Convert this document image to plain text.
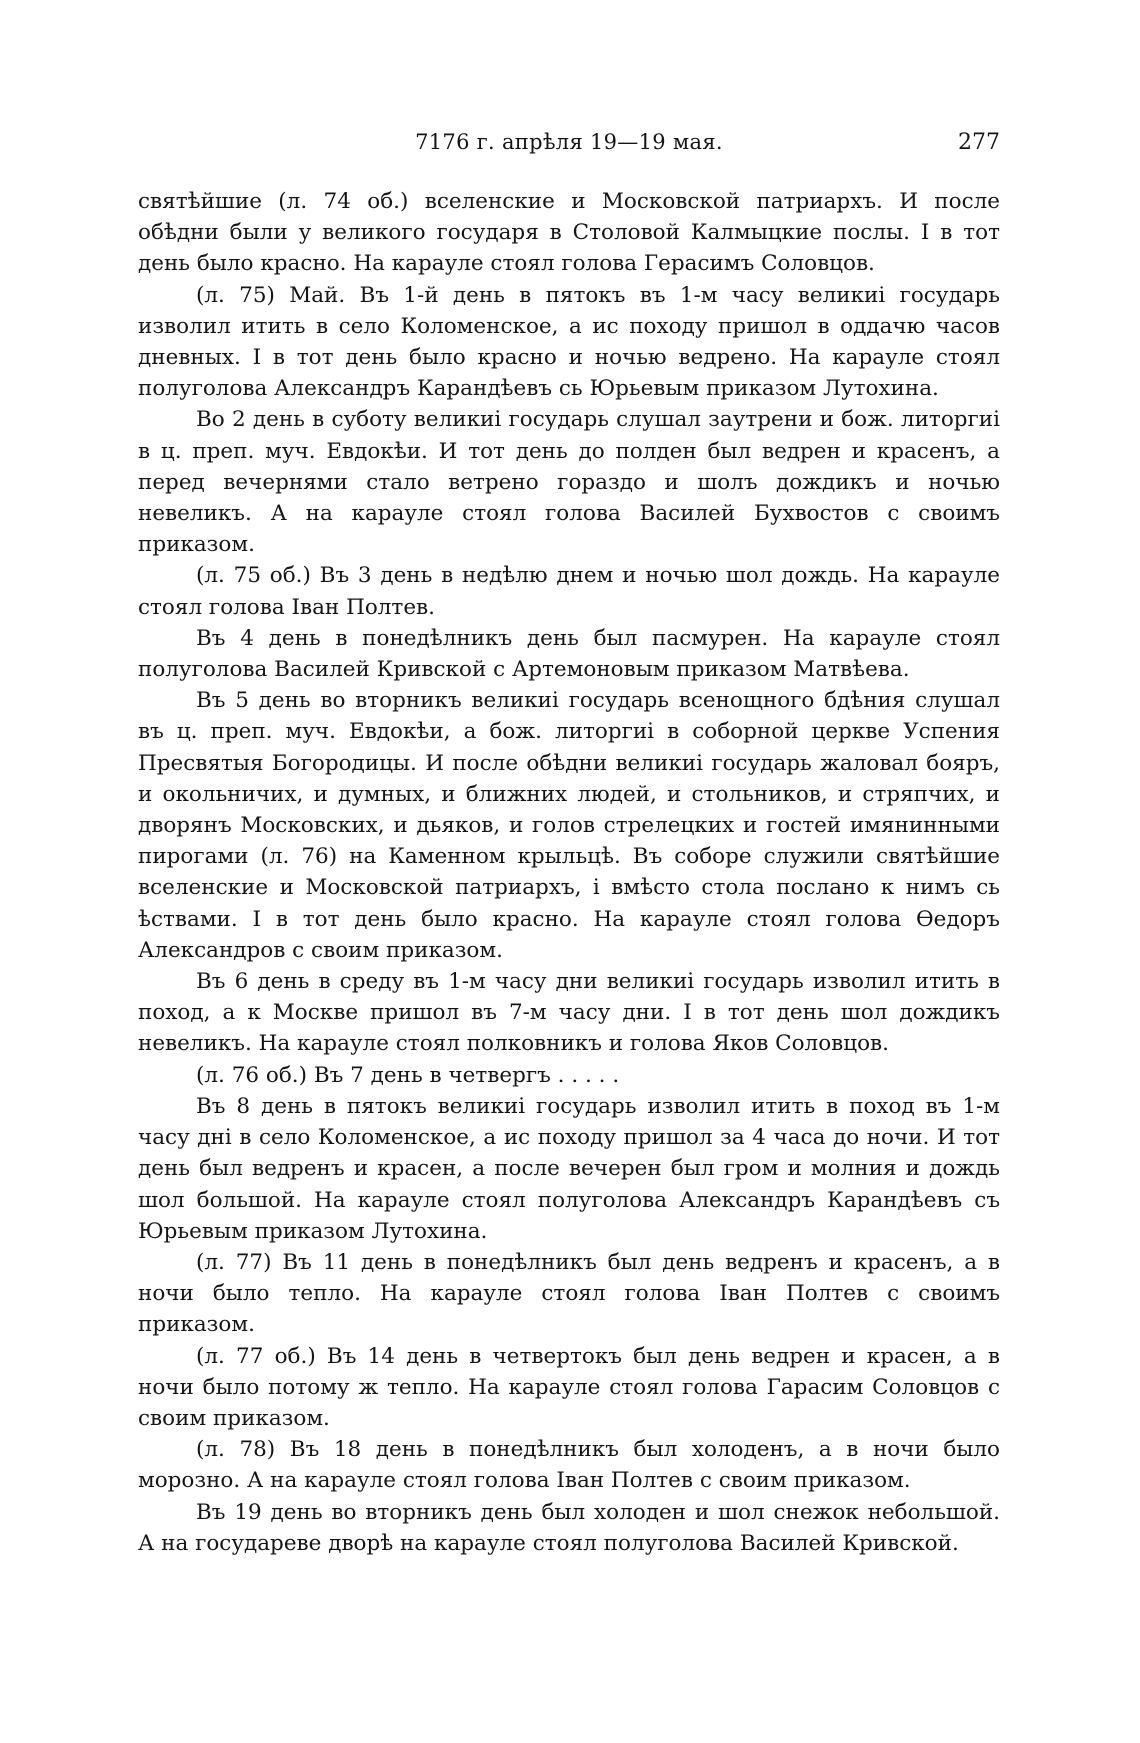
7176 г. апрѣля 19—19 мая.	277

святѣйшие (л. 74 об.) вселенские и Московской патриархъ. И после обѣдни были у великого государя в Столовой Калмыцкие послы. І в тот день было красно. На карауле стоял голова Герасимъ Соловцов.

(л. 75) Май. Въ 1-й день в пятокъ въ 1-м часу великиі государь изволил итить в село Коломенское, а ис походу пришол в оддачю часов дневных. І в тот день было красно и ночью ведрено. На карауле стоял полуголова Александръ Карандѣевъ сь Юрьевым приказом Лутохина.

Во 2 день в суботу великиі государь слушал заутрени и бож. литоргиі в ц. преп. муч. Евдокѣи. И тот день до полден был ведрен и красенъ, а перед вечернями стало ветрено гораздо и шолъ дождикъ и ночью невеликъ. А на карауле стоял голова Василей Бухвостов с своимъ приказом.

(л. 75 об.) Въ 3 день в недѣлю днем и ночью шол дождь. На карауле стоял голова Іван Полтев.

Въ 4 день в понедѣлникъ день был пасмурен. На карауле стоял полуголова Василей Кривской с Артемоновым приказом Матвѣева.

Въ 5 день во вторникъ великиі государь всенощного бдѣния слушал въ ц. преп. муч. Евдокѣи, а бож. литоргиі в соборной церкве Успения Пресвятыя Богородицы. И после обѣдни великиі государь жаловал бояръ, и окольничих, и думных, и ближних людей, и стольников, и стряпчих, и дворянъ Московских, и дьяков, и голов стрелецких и гостей имянинными пирогами (л. 76) на Каменном крыльцѣ. Въ соборе служили святѣйшие вселенские и Московской патриархъ, і вмѣсто стола послано к нимъ сь ѣствами. І в тот день было красно. На карауле стоял голова Өедоръ Александров с своим приказом.

Въ 6 день в среду въ 1-м часу дни великиі государь изволил итить в поход, а к Москве пришол въ 7-м часу дни. І в тот день шол дождикъ невеликъ. На карауле стоял полковникъ и голова Яков Соловцов.

(л. 76 об.) Въ 7 день в четвергъ . . . . .

Въ 8 день в пятокъ великиі государь изволил итить в поход въ 1-м часу днi в село Коломенское, а ис походу пришол за 4 часа до ночи. И тот день был ведренъ и красен, а после вечерен был гром и молния и дождь шол большой. На карауле стоял полуголова Александръ Карандѣевъ съ Юрьевым приказом Лутохина.

(л. 77) Въ 11 день в понедѣлникъ был день ведренъ и красенъ, а в ночи было тепло. На карауле стоял голова Іван Полтев с своимъ приказом.

(л. 77 об.) Въ 14 день в четвертокъ был день ведрен и красен, а в ночи было потому ж тепло. На карауле стоял голова Гарасим Соловцов с своим приказом.

(л. 78) Въ 18 день в понедѣлникъ был холоденъ, а в ночи было морозно. А на карауле стоял голова Іван Полтев с своим приказом.

Въ 19 день во вторникъ день был холоден и шол снежок небольшой. А на государеве дворѣ на карауле стоял полуголова Василей Кривской.
